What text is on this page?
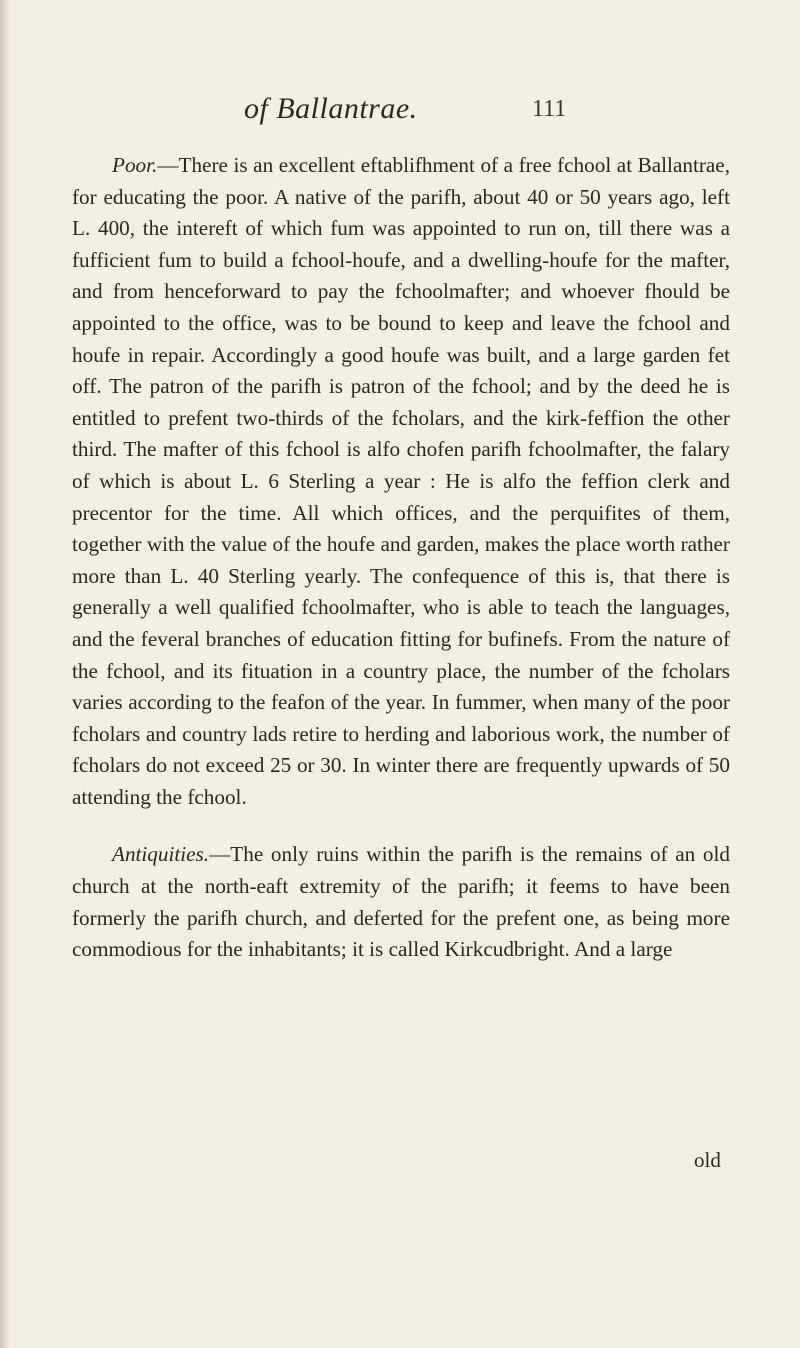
of Ballantrae.	111

Poor.—There is an excellent eftablifhment of a free fchool at Ballantrae, for educating the poor. A native of the parifh, about 40 or 50 years ago, left L. 400, the intereft of which fum was appointed to run on, till there was a fufficient fum to build a fchool-houfe, and a dwelling-houfe for the mafter, and from henceforward to pay the fchoolmafter; and whoever fhould be appointed to the office, was to be bound to keep and leave the fchool and houfe in repair. Accordingly a good houfe was built, and a large garden fet off. The patron of the parifh is patron of the fchool; and by the deed he is entitled to prefent two-thirds of the fcholars, and the kirk-feffion the other third. The mafter of this fchool is alfo chofen parifh fchoolmafter, the falary of which is about L. 6 Sterling a year : He is alfo the feffion clerk and precentor for the time. All which offices, and the perquifites of them, together with the value of the houfe and garden, makes the place worth rather more than L. 40 Sterling yearly. The confequence of this is, that there is generally a well qualified fchoolmafter, who is able to teach the languages, and the feveral branches of education fitting for bufinefs. From the nature of the fchool, and its fituation in a country place, the number of the fcholars varies according to the feafon of the year. In fummer, when many of the poor fcholars and country lads retire to herding and laborious work, the number of fcholars do not exceed 25 or 30. In winter there are frequently upwards of 50 attending the fchool.

Antiquities.—The only ruins within the parifh is the remains of an old church at the north-eaft extremity of the parifh; it feems to have been formerly the parifh church, and deferted for the prefent one, as being more commodious for the inhabitants; it is called Kirkcudbright. And a large

old
